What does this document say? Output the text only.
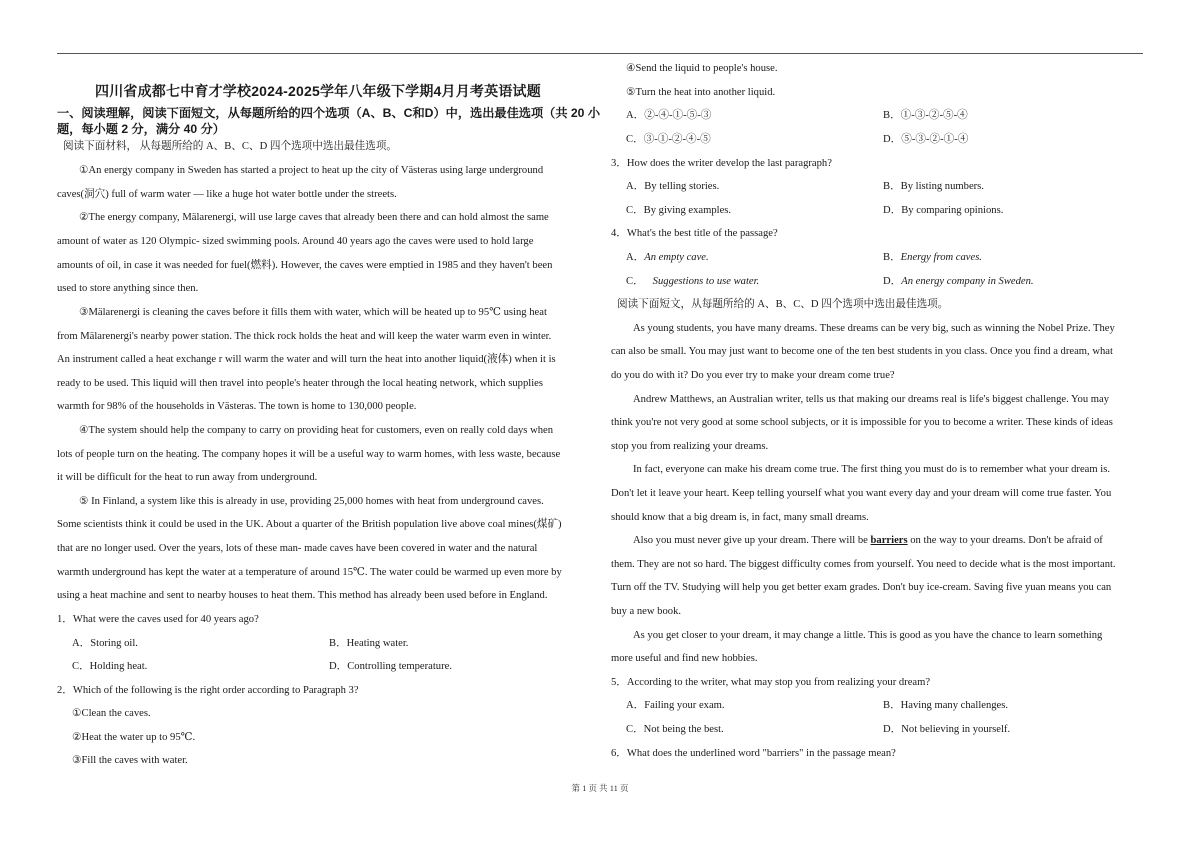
四川省成都七中育才学校2024-2025学年八年级下学期4月月考英语试题
一、阅读理解，阅读下面短文，从每题所给的四个选项（A、B、C和D）中，选出最佳选项（共 20 小
题，每小题 2 分，满分 40 分）
阅读下面材料， 从每题所给的 A、B、C、D 四个选项中选出最佳选项。
①An energy company in Sweden has started a project to heat up the city of Västeras using large underground
caves(洞穴) full of warm water — like a huge hot water bottle under the streets.
②The energy company, Mälarenergi, will use large caves that already been there and can hold almost the same
amount of water as 120 Olympic- sized swimming pools. Around 40 years ago the caves were used to hold large
amounts of oil, in case it was needed for fuel(燃料). However, the caves were emptied in 1985 and they haven't been
used to store anything since then.
③Mälarenergi is cleaning the caves before it fills them with water, which will be heated up to 95℃ using heat
from Mälarenergi's nearby power station. The thick rock holds the heat and will keep the water warm even in winter.
An instrument called a heat exchange r will warm the water and will turn the heat into another liquid(液体) when it is
ready to be used. This liquid will then travel into people's heater through the local heating network, which supplies
warmth for 98% of the households in Västeras. The town is home to 130,000 people.
④The system should help the company to carry on providing heat for customers, even on really cold days when
lots of people turn on the heating. The company hopes it will be a useful way to warm homes, with less waste, because
it will be difficult for the heat to run away from underground.
⑤ In Finland, a system like this is already in use, providing 25,000 homes with heat from underground caves.
Some scientists think it could be used in the UK. About a quarter of the British population live above coal mines(煤矿)
that are no longer used. Over the years, lots of these man- made caves have been covered in water and the natural
warmth underground has kept the water at a temperature of around 15℃. The water could be warmed up even more by
using a heat machine and sent to nearby houses to heat them. This method has already been used before in England.
1．What were the caves used for 40 years ago?
A．Storing oil.	B．Heating water.
C．Holding heat.	D．Controlling temperature.
2．Which of the following is the right order according to Paragraph 3?
①Clean the caves.
②Heat the water up to 95℃.
③Fill the caves with water.
④Send the liquid to people's house.
⑤Turn the heat into another liquid.
A．②-④-①-⑤-③	B．①-③-②-⑤-④
C．③-①-②-④-⑤	D．⑤-③-②-①-④
3．How does the writer develop the last paragraph?
A．By telling stories.	B．By listing numbers.
C．By giving examples.	D．By comparing opinions.
4．What's the best title of the passage?
A．An empty cave.	B．Energy from caves.
C． Suggestions to use water.	D．An energy company in Sweden.
阅读下面短文，从每题所给的 A、B、C、D 四个选项中选出最佳选项。
As young students, you have many dreams. These dreams can be very big, such as winning the Nobel Prize. They
can also be small. You may just want to become one of the ten best students in you class. Once you find a dream, what
do you do with it? Do you ever try to make your dream come true?
Andrew Matthews, an Australian writer, tells us that making our dreams real is life's biggest challenge. You may
think you're not very good at some school subjects, or it is impossible for you to become a writer. These kinds of ideas
stop you from realizing your dreams.
In fact, everyone can make his dream come true. The first thing you must do is to remember what your dream is.
Don't let it leave your heart. Keep telling yourself what you want every day and your dream will come true faster. You
should know that a big dream is, in fact, many small dreams.
Also you must never give up your dream. There will be barriers on the way to your dreams. Don't be afraid of
them. They are not so hard. The biggest difficulty comes from yourself. You need to decide what is the most important.
Turn off the TV. Studying will help you get better exam grades. Don't buy ice-cream. Saving five yuan means you can
buy a new book.
As you get closer to your dream, it may change a little. This is good as you have the chance to learn something
more useful and find new hobbies.
5．According to the writer, what may stop you from realizing your dream?
A．Failing your exam.	B．Having many challenges.
C．Not being the best.	D．Not believing in yourself.
6．What does the underlined word "barriers" in the passage mean?
第 1 页 共 11 页
